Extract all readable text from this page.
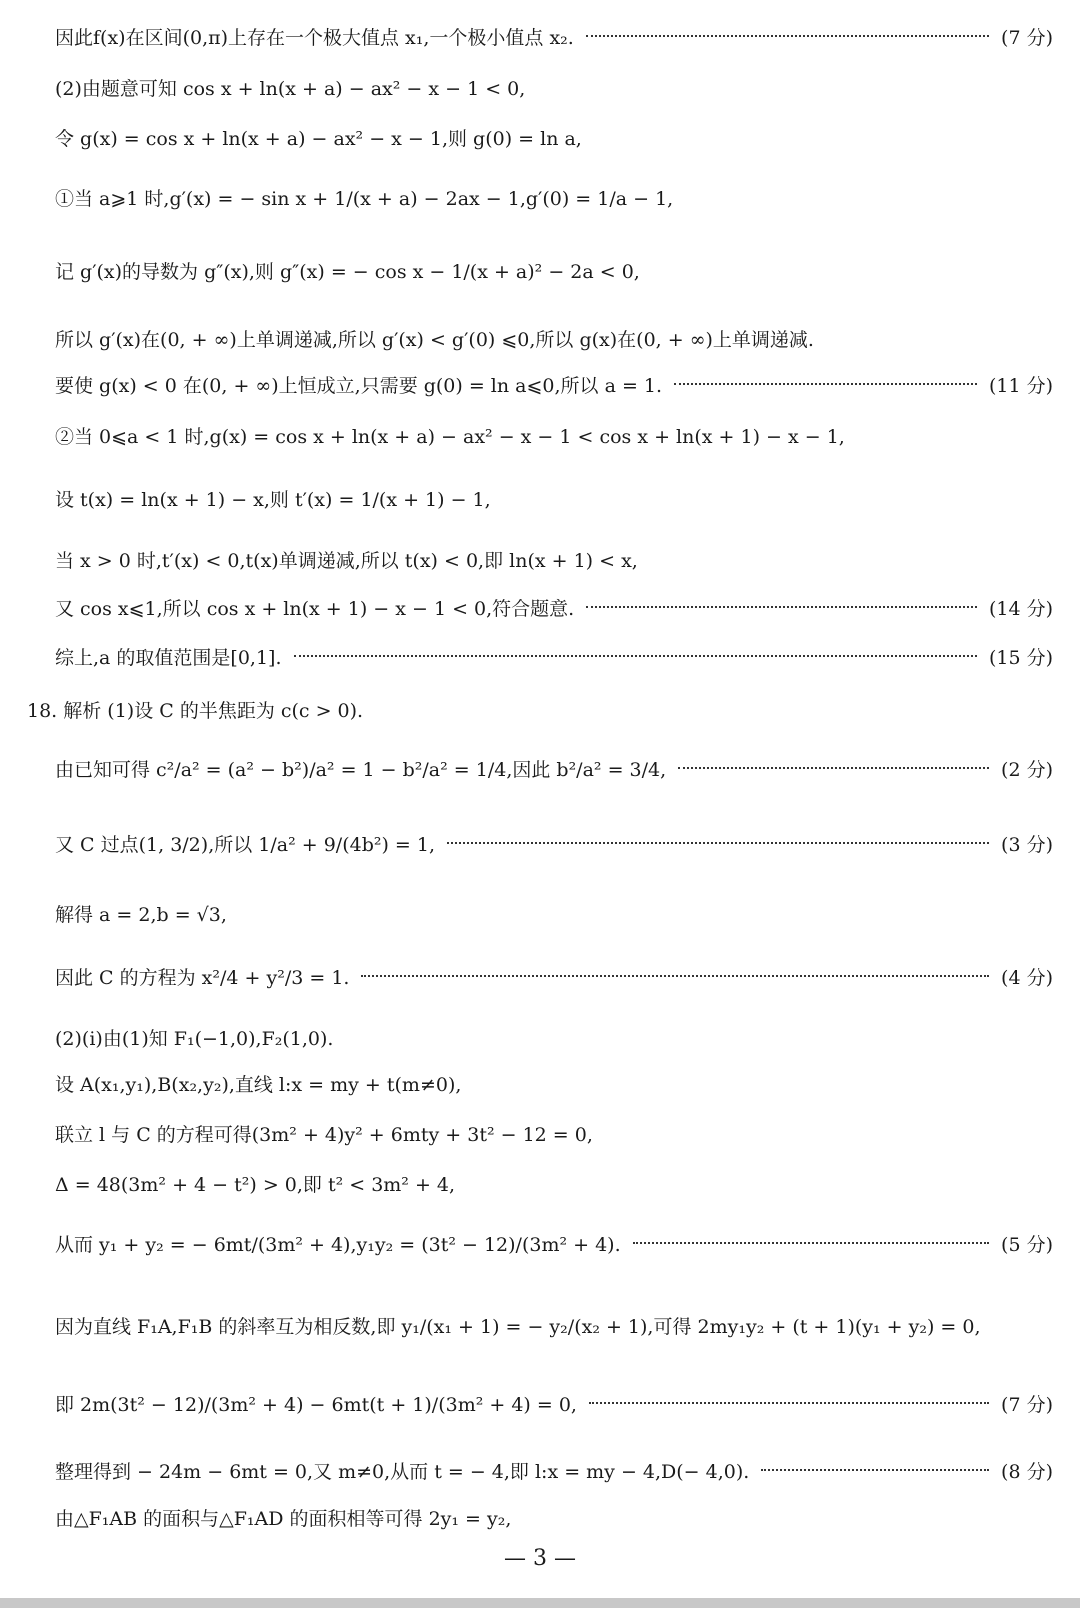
因此f(x)在区间(0,π)上存在一个极大值点 x₁,一个极小值点 x₂.	(7 分)
(2)由题意可知 cos x + ln(x + a) − ax² − x − 1 < 0,
令 g(x) = cos x + ln(x + a) − ax² − x − 1,则 g(0) = ln a,
①当 a⩾1 时,g′(x) = − sin x + 1/(x + a) − 2ax − 1,g′(0) = 1/a − 1,
记 g′(x)的导数为 g″(x),则 g″(x) = − cos x − 1/(x + a)² − 2a < 0,
所以 g′(x)在(0, + ∞)上单调递减,所以 g′(x) < g′(0) ⩽0,所以 g(x)在(0, + ∞)上单调递减.
要使 g(x) < 0 在(0, + ∞)上恒成立,只需要 g(0) = ln a⩽0,所以 a = 1.	(11 分)
②当 0⩽a < 1 时,g(x) = cos x + ln(x + a) − ax² − x − 1 < cos x + ln(x + 1) − x − 1,
设 t(x) = ln(x + 1) − x,则 t′(x) = 1/(x + 1) − 1,
当 x > 0 时,t′(x) < 0,t(x)单调递减,所以 t(x) < 0,即 ln(x + 1) < x,
又 cos x⩽1,所以 cos x + ln(x + 1) − x − 1 < 0,符合题意.	(14 分)
综上,a 的取值范围是[0,1].	(15 分)
18. 解析 (1)设 C 的半焦距为 c(c > 0).
由已知可得 c²/a² = (a² − b²)/a² = 1 − b²/a² = 1/4,因此 b²/a² = 3/4,	(2 分)
又 C 过点(1, 3/2),所以 1/a² + 9/(4b²) = 1,	(3 分)
解得 a = 2,b = √3,
因此 C 的方程为 x²/4 + y²/3 = 1.	(4 分)
(2)(ⅰ)由(1)知 F₁(−1,0),F₂(1,0).
设 A(x₁,y₁),B(x₂,y₂),直线 l:x = my + t(m≠0),
联立 l 与 C 的方程可得(3m² + 4)y² + 6mty + 3t² − 12 = 0,
Δ = 48(3m² + 4 − t²) > 0,即 t² < 3m² + 4,
从而 y₁ + y₂ = − 6mt/(3m² + 4),y₁y₂ = (3t² − 12)/(3m² + 4).	(5 分)
因为直线 F₁A,F₁B 的斜率互为相反数,即 y₁/(x₁ + 1) = − y₂/(x₂ + 1),可得 2my₁y₂ + (t + 1)(y₁ + y₂) = 0,
即 2m(3t² − 12)/(3m² + 4) − 6mt(t + 1)/(3m² + 4) = 0,	(7 分)
整理得到 − 24m − 6mt = 0,又 m≠0,从而 t = − 4,即 l:x = my − 4,D(− 4,0).	(8 分)
由△F₁AB 的面积与△F₁AD 的面积相等可得 2y₁ = y₂,
— 3 —
